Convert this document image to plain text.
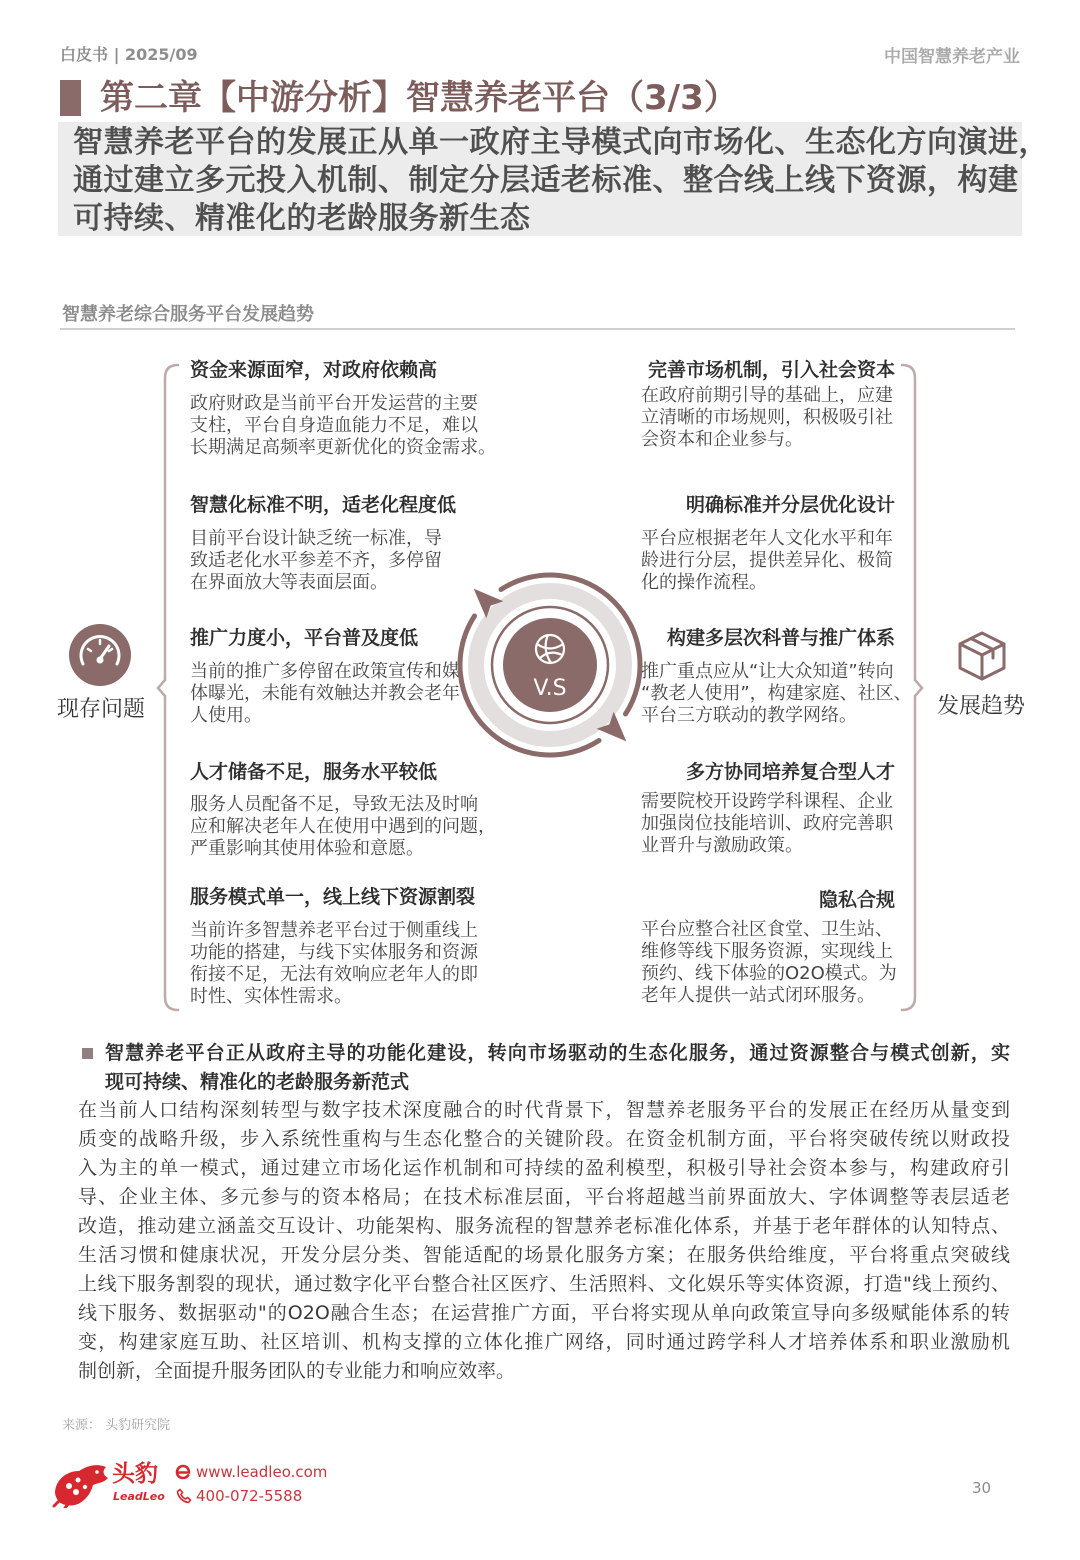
白皮书 | 2025/09	中国智慧养老产业
第二章【中游分析】智慧养老平台（3/3）
智慧养老平台的发展正从单一政府主导模式向市场化、生态化方向演进，
通过建立多元投入机制、制定分层适老标准、整合线上线下资源，构建
可持续、精准化的老龄服务新生态
智慧养老综合服务平台发展趋势
现存问题
资金来源面窄，对政府依赖高
政府财政是当前平台开发运营的主要
支柱，平台自身造血能力不足，难以
长期满足高频率更新优化的资金需求。
智慧化标准不明，适老化程度低
目前平台设计缺乏统一标准，导
致适老化水平参差不齐，多停留
在界面放大等表面层面。
推广力度小，平台普及度低
当前的推广多停留在政策宣传和媒
体曝光，未能有效触达并教会老年
人使用。
人才储备不足，服务水平较低
服务人员配备不足，导致无法及时响
应和解决老年人在使用中遇到的问题，
严重影响其使用体验和意愿。
服务模式单一，线上线下资源割裂
当前许多智慧养老平台过于侧重线上
功能的搭建，与线下实体服务和资源
衔接不足，无法有效响应老年人的即
时性、实体性需求。
V.S
完善市场机制，引入社会资本
在政府前期引导的基础上，应建
立清晰的市场规则，积极吸引社
会资本和企业参与。
明确标准并分层优化设计
平台应根据老年人文化水平和年
龄进行分层，提供差异化、极简
化的操作流程。
构建多层次科普与推广体系
推广重点应从“让大众知道”转向
“教老人使用”，构建家庭、社区、
平台三方联动的教学网络。
多方协同培养复合型人才
需要院校开设跨学科课程、企业
加强岗位技能培训、政府完善职
业晋升与激励政策。
隐私合规
平台应整合社区食堂、卫生站、
维修等线下服务资源，实现线上
预约、线下体验的O2O模式。为
老年人提供一站式闭环服务。
发展趋势
智慧养老平台正从政府主导的功能化建设，转向市场驱动的生态化服务，通过资源整合与模式创新，实
现可持续、精准化的老龄服务新范式
在当前人口结构深刻转型与数字技术深度融合的时代背景下，智慧养老服务平台的发展正在经历从量变到
质变的战略升级，步入系统性重构与生态化整合的关键阶段。在资金机制方面，平台将突破传统以财政投
入为主的单一模式，通过建立市场化运作机制和可持续的盈利模型，积极引导社会资本参与，构建政府引
导、企业主体、多元参与的资本格局；在技术标准层面，平台将超越当前界面放大、字体调整等表层适老
改造，推动建立涵盖交互设计、功能架构、服务流程的智慧养老标准化体系，并基于老年群体的认知特点、
生活习惯和健康状况，开发分层分类、智能适配的场景化服务方案；在服务供给维度，平台将重点突破线
上线下服务割裂的现状，通过数字化平台整合社区医疗、生活照料、文化娱乐等实体资源，打造"线上预约、
线下服务、数据驱动"的O2O融合生态；在运营推广方面，平台将实现从单向政策宣导向多级赋能体系的转
变，构建家庭互助、社区培训、机构支撑的立体化推广网络，同时通过跨学科人才培养体系和职业激励机
制创新，全面提升服务团队的专业能力和响应效率。
来源： 头豹研究院
头豹
LeadLeo
www.leadleo.com
400-072-5588	30
